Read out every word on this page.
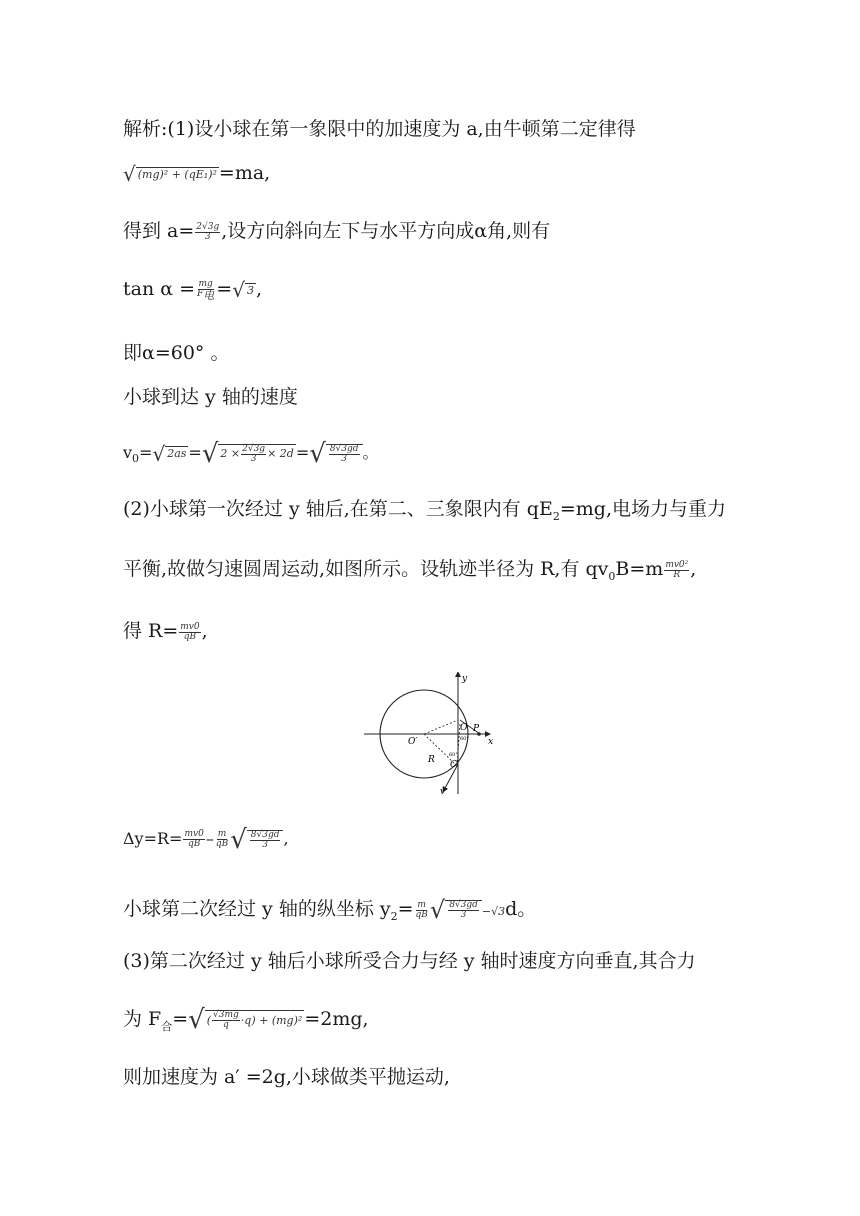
解析:(1)设小球在第一象限中的加速度为 a,由牛顿第二定律得
√ (mg)² + (qE₁)² =ma,
得到 $a= \frac{2√3g}{3}$ ,设方向斜向左下与水平方向成α角,则有
$\tan \alpha = \frac{mg}{F_电}$ = √ 3 ,
即α=60° 。
小球到达 y 轴的速度
$v_0=$ √ 2as = √ $2 \times \frac{2√3g}{3} \times 2d$ = √ $\frac{8√3gd}{3}$ 。
(2)小球第一次经过 y 轴后,在第二、三象限内有 $qE_2=mg$,电场力与重力
平衡,故做匀速圆周运动,如图所示。设轨迹半径为 R,有 $qv_0B=m \frac{\text{mv0²}}{R}$ ,
得 $R= \frac{mv0}{qB}$ ,
y
x
O P
O′
R C
v
60°
60°
$\Delta y=R= \frac{mv0}{qB} - \frac{m}{qB}$ √ $\frac{8√3gd}{3}$ ,
小球第二次经过 y 轴的纵坐标 $y_2= \frac{m}{qB}$ √ $\frac{8√3gd}{3} -√3d$。
(3)第二次经过 y 轴后小球所受合力与经 y 轴时速度方向垂直,其合力
为 $F_合=$ √ ( $\frac{√3mg}{q} \cdot q) + (mg)^2 =2mg$,
则加速度为 a′ =2g,小球做类平抛运动,
